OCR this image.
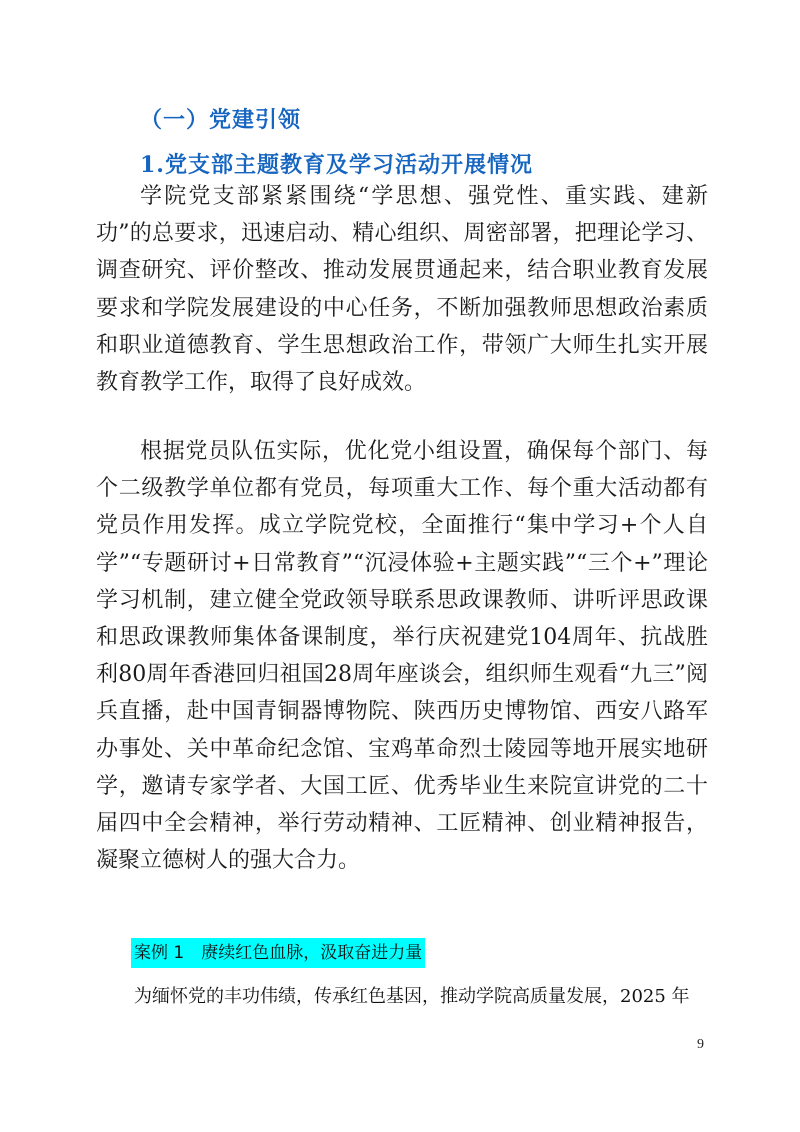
（一）党建引领
1.党支部主题教育及学习活动开展情况

学院党支部紧紧围绕“学思想、强党性、重实践、建新功”的总要求，迅速启动、精心组织、周密部署，把理论学习、调查研究、评价整改、推动发展贯通起来，结合职业教育发展要求和学院发展建设的中心任务，不断加强教师思想政治素质和职业道德教育、学生思想政治工作，带领广大师生扎实开展教育教学工作，取得了良好成效。

根据党员队伍实际，优化党小组设置，确保每个部门、每个二级教学单位都有党员，每项重大工作、每个重大活动都有党员作用发挥。成立学院党校，全面推行“集中学习+个人自学”“专题研讨+日常教育”“沉浸体验+主题实践”“三个+”理论学习机制，建立健全党政领导联系思政课教师、讲听评思政课和思政课教师集体备课制度，举行庆祝建党104周年、抗战胜利80周年香港回归祖国28周年座谈会，组织师生观看“九三”阅兵直播，赴中国青铜器博物院、陕西历史博物馆、西安八路军办事处、关中革命纪念馆、宝鸡革命烈士陵园等地开展实地研学，邀请专家学者、大国工匠、优秀毕业生来院宣讲党的二十届四中全会精神，举行劳动精神、工匠精神、创业精神报告，凝聚立德树人的强大合力。

案例 1　赓续红色血脉，汲取奋进力量
为缅怀党的丰功伟绩，传承红色基因，推动学院高质量发展，2025 年
9
